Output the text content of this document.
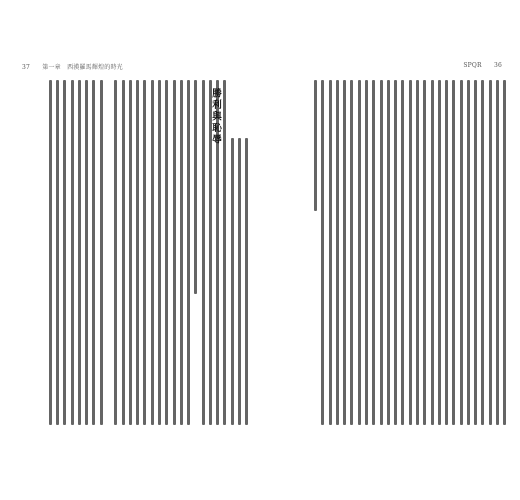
37 第一章　西漢羅馬輝煌的時光
勝利與恥辱
SPQR 36
